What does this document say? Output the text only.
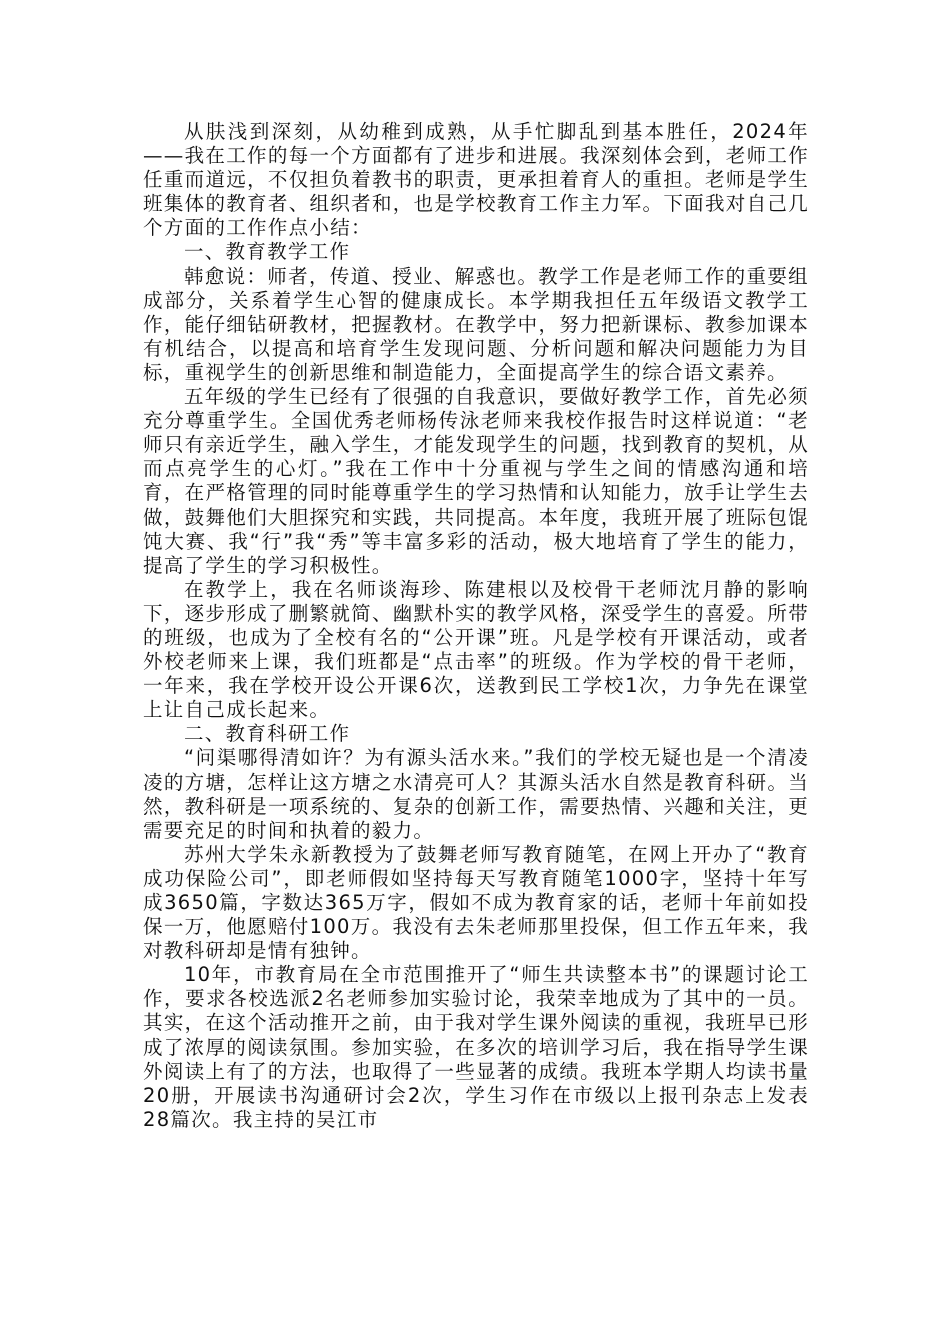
从肤浅到深刻，从幼稚到成熟，从手忙脚乱到基本胜任，2024年——我在工作的每一个方面都有了进步和进展。我深刻体会到，老师工作任重而道远，不仅担负着教书的职责，更承担着育人的重担。老师是学生班集体的教育者、组织者和，也是学校教育工作主力军。下面我对自己几个方面的工作作点小结：

一、教育教学工作

韩愈说：师者，传道、授业、解惑也。教学工作是老师工作的重要组成部分，关系着学生心智的健康成长。本学期我担任五年级语文教学工作，能仔细钻研教材，把握教材。在教学中，努力把新课标、教参加课本有机结合，以提高和培育学生发现问题、分析问题和解决问题能力为目标，重视学生的创新思维和制造能力，全面提高学生的综合语文素养。

五年级的学生已经有了很强的自我意识，要做好教学工作，首先必须充分尊重学生。全国优秀老师杨传泳老师来我校作报告时这样说道：“老师只有亲近学生，融入学生，才能发现学生的问题，找到教育的契机，从而点亮学生的心灯。”我在工作中十分重视与学生之间的情感沟通和培育，在严格管理的同时能尊重学生的学习热情和认知能力，放手让学生去做，鼓舞他们大胆探究和实践，共同提高。本年度，我班开展了班际包馄饨大赛、我“行”我“秀”等丰富多彩的活动，极大地培育了学生的能力，提高了学生的学习积极性。

在教学上，我在名师谈海珍、陈建根以及校骨干老师沈月静的影响下，逐步形成了删繁就简、幽默朴实的教学风格，深受学生的喜爱。所带的班级，也成为了全校有名的“公开课”班。凡是学校有开课活动，或者外校老师来上课，我们班都是“点击率”的班级。作为学校的骨干老师，一年来，我在学校开设公开课6次，送教到民工学校1次，力争先在课堂上让自己成长起来。

二、教育科研工作

“问渠哪得清如许？为有源头活水来。”我们的学校无疑也是一个清凌凌的方塘，怎样让这方塘之水清亮可人？其源头活水自然是教育科研。当然，教科研是一项系统的、复杂的创新工作，需要热情、兴趣和关注，更需要充足的时间和执着的毅力。

苏州大学朱永新教授为了鼓舞老师写教育随笔，在网上开办了“教育成功保险公司”，即老师假如坚持每天写教育随笔1000字，坚持十年写成3650篇，字数达365万字，假如不成为教育家的话，老师十年前如投保一万，他愿赔付100万。我没有去朱老师那里投保，但工作五年来，我对教科研却是情有独钟。

10年，市教育局在全市范围推开了“师生共读整本书”的课题讨论工作，要求各校选派2名老师参加实验讨论，我荣幸地成为了其中的一员。其实，在这个活动推开之前，由于我对学生课外阅读的重视，我班早已形成了浓厚的阅读氛围。参加实验，在多次的培训学习后，我在指导学生课外阅读上有了的方法，也取得了一些显著的成绩。我班本学期人均读书量20册，开展读书沟通研讨会2次，学生习作在市级以上报刊杂志上发表28篇次。我主持的吴江市
